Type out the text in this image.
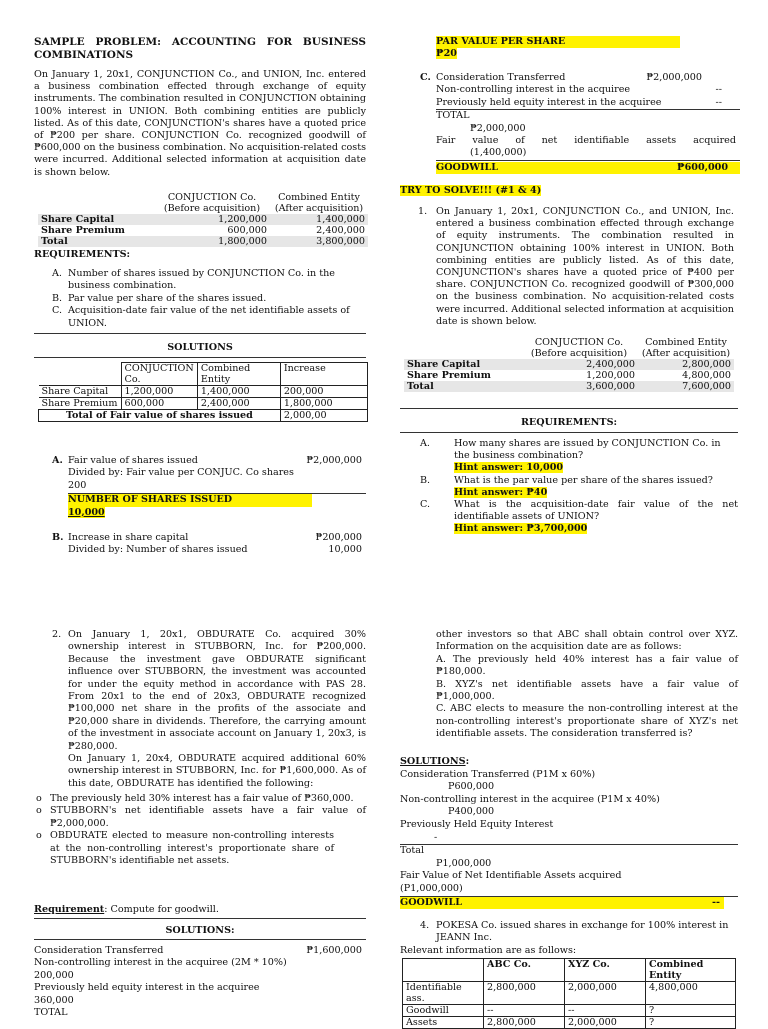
SAMPLE PROBLEM: ACCOUNTING FOR BUSINESS COMBINATIONS

On January 1, 20x1, CONJUNCTION Co., and UNION, Inc. entered a business combination effected through exchange of equity instruments. The combination resulted in CONJUNCTION obtaining 100% interest in UNION. Both combining entities are publicly listed. As of this date, CONJUNCTION's shares have a quoted price of ₱200 per share. CONJUNCTION Co. recognized goodwill of ₱600,000 on the business combination. No acquisition-related costs were incurred. Additional selected information at acquisition date is shown below.

	CONJUCTION Co.
(Before acquisition)	Combined Entity
(After acquisition)
Share Capital	1,200,000	1,400,000
Share Premium	600,000	2,400,000
Total	1,800,000	3,800,000
REQUIREMENTS:
A. Number of shares issued by CONJUNCTION Co. in the business combination.
B. Par value per share of the shares issued.
C. Acquisition-date fair value of the net identifiable assets of UNION.
SOLUTIONS
	CONJUCTION Co.	Combined Entity	Increase
Share Capital	1,200,000	1,400,000	200,000
Share Premium	600,000	2,400,000	1,800,000
Total of Fair value of shares issued			2,000,00
A. Fair value of shares issued	₱2,000,000
Divided by: Fair value per CONJUC. Co shares
200
NUMBER OF SHARES ISSUED
10,000
B. Increase in share capital	₱200,000
Divided by: Number of shares issued	10,000
2. On January 1, 20x1, OBDURATE Co. acquired 30% ownership interest in STUBBORN, Inc. for ₱200,000. Because the investment gave OBDURATE significant influence over STUBBORN, the investment was accounted for under the equity method in accordance with PAS 28. From 20x1 to the end of 20x3, OBDURATE recognized ₱100,000 net share in the profits of the associate and ₱20,000 share in dividends. Therefore, the carrying amount of the investment in associate account on January 1, 20x3, is ₱280,000.

On January 1, 20x4, OBDURATE acquired additional 60% ownership interest in STUBBORN, Inc. for ₱1,600,000. As of this date, OBDURATE has identified the following:

o The previously held 30% interest has a fair value of ₱360,000.
o STUBBORN's net identifiable assets have a fair value of ₱2,000,000.
o OBDURATE elected to measure non-controlling interests at the non-controlling interest's proportionate share of STUBBORN's identifiable net assets.
Requirement: Compute for goodwill.
SOLUTIONS:
Consideration Transferred	₱1,600,000
Non-controlling interest in the acquiree (2M * 10%)
200,000
Previously held equity interest in the acquiree
360,000
TOTAL
PAR VALUE PER SHARE
₱20
C. Consideration Transferred	₱2,000,000
Non-controlling interest in the acquiree	--
Previously held equity interest in the acquiree	--
TOTAL
₱2,000,000
Fair value of net identifiable assets acquired
(1,400,000)
GOODWILL	₱600,000
TRY TO SOLVE!!! (#1 & 4)
1. On January 1, 20x1, CONJUNCTION Co., and UNION, Inc. entered a business combination effected through exchange of equity instruments. The combination resulted in CONJUNCTION obtaining 100% interest in UNION. Both combining entities are publicly listed. As of this date, CONJUNCTION's shares have a quoted price of ₱400 per share. CONJUNCTION Co. recognized goodwill of ₱300,000 on the business combination. No acquisition-related costs were incurred. Additional selected information at acquisition date is shown below.

	CONJUCTION Co.
(Before acquisition)	Combined Entity
(After acquisition)
Share Capital	2,400,000	2,800,000
Share Premium	1,200,000	4,800,000
Total	3,600,000	7,600,000
REQUIREMENTS:
A.	How many shares are issued by CONJUNCTION Co. in the business combination?
Hint answer: 10,000
B. What is the par value per share of the shares issued?
Hint answer: ₱40
C. What is the acquisition-date fair value of the net identifiable assets of UNION?
Hint answer: ₱3,700,000

other investors so that ABC shall obtain control over XYZ. Information on the acquisition date are as follows:

A. The previously held 40% interest has a fair value of ₱180,000.

B. XYZ's net identifiable assets have a fair value of ₱1,000,000.

C. ABC elects to measure the non-controlling interest at the non-controlling interest's proportionate share of XYZ's net identifiable assets. The consideration transferred is?

SOLUTIONS:
Consideration Transferred (P1M x 60%)
P600,000
Non-controlling interest in the acquiree (P1M x 40%)
P400,000
Previously Held Equity Interest
-
Total
P1,000,000
Fair Value of Net Identifiable Assets acquired
(P1,000,000)
GOODWILL	--
4. POKESA Co. issued shares in exchange for 100% interest in JEANN Inc.

Relevant information are as follows:
	ABC Co.	XYZ Co.	Combined Entity
Identifiable ass.	2,800,000	2,000,000	4,800,000
Goodwill	--	--	?
Assets	2,800,000	2,000,000	?
